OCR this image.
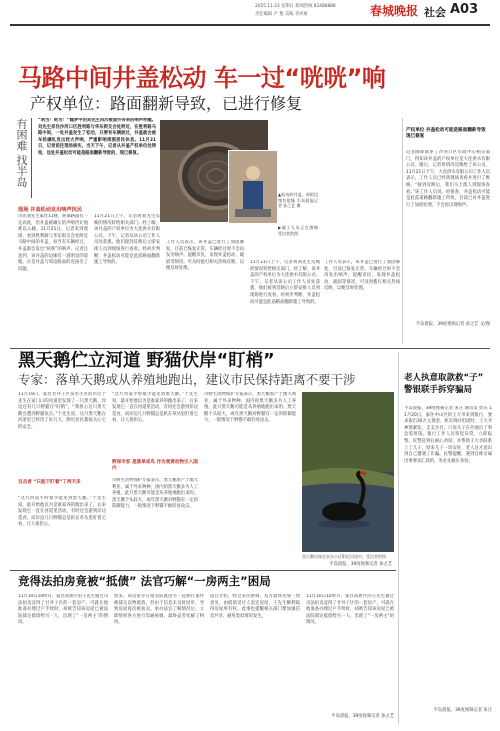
2025.11.23 星期日 新闻热线 82488888
责任编辑 卢 艳 美编 李凤寓	春城晚报 社会 A03
马路中间井盖松动 车一过“咣咣”响
产权单位：路面翻新导致，已进行修复
有困难 找半岛 “咣当！咣当！”睡梦中的刘先生再次被窗外传来的响声吵醒。刘先生家住沙河口区胜利路与华东街交会处附近，在胜利路马路中间，一处井盖发生了松动，只要有车辆驶过，井盖就会被车轮碾轧发出较大声响，严重影响周围居民休息。11月21日，记者前往现场核实，当天下午，记者从井盖产权单位处得知，这处井盖松动可能是路面翻新导致的，现已修复。
▲松动的井盖，周围边缘有裂缝 半岛晨报记者 孙之艺 摄
▶施工人员正在维修 受访者供图
现场 井盖松动发出响声扰民
市民刘先生家住11楼，距离路面有一定高度，但井盖被碾压的声响仍让他难以入睡。11月21日，记者来到现场，看到胜利路与华东街交会处附近马路中间的井盖，每当有车辆经过，井盖都会发出“咣咣”的响声。记者注意到，该井盖的边缘有一道明显的裂缝，应是井盖与周边路面的连接出了问题。
11月21日上午，记者将刘先生反映的情况转给相关部门。经了解，该井盖的产权单位为大连供水有限公司。下午，记者从该公司工作人员处获悉，他们接到反映后立即安排人员到现场进行查看。经初步判断，井盖松动可能是此前路面翻新施工导致的。
工作人员表示，该井盖已进行了加固修复，目前已恢复正常，车辆经过时不会再发出响声。提醒市民，发现井盖松动、破损等情况，可及时拨打相关热线反映，以便及时处理。
11月21日上午，记者将刘先生反映的情况转给相关部门。经了解，该井盖的产权单位为大连供水有限公司。下午，记者从该公司工作人员处获悉，他们接到反映后立即安排人员到现场进行查看。经初步判断，井盖松动可能是此前路面翻新施工导致的。
工作人员表示，该井盖已进行了加固修复，目前已恢复正常，车辆经过时不会再发出响声。提醒市民，发现井盖松动、破损等情况，可及时拨打相关热线反映，以便及时处理。
产权单位 井盖松动可能是路面翻新导致 现已修复
记者随即联系了沙河口区市政中心相关部门，得知该井盖的产权单位是大连供水有限公司。随后，记者将情况反映给了该公司。11月21日下午，大连供水有限公司工作人员表示，工作人员已经到现场查看并进行了维修。“接到反映后，我们马上派人到现场查看。”该工作人员说，经排查，井盖松动可能是此前道路翻新施工所致。目前已对井盖进行了加固处理，不会再出现响声。
半岛晨报、39度视频记者 孙之艺 文/图
黑天鹅伫立河道 野猫伏岸“盯梢”
专家：落单天鹅或从养殖地跑出，建议市民保持距离不要干涉
11月19日，家住甘井子区泉水小区的市民于先生在家门口的河道里发现了一只黑天鹅，岸边还有几只野猫在“盯梢”。“我担心这只黑天鹅会遭到野猫攻击。”于先生说，这只黑天鹅在河道里已经待了好几天，附近居民都很关心它的安全。
目击者 “只能干盯着”了两天多
“这片河道平时很少能见到黑天鹅。”于先生说，最开始他以为是谁家养的跑出来了，后来发现它一直在河道里活动，有时还会游到岸边觅食。而岸边几只野猫总是趴在草丛里盯着它看，让人很担心。
“这片河道平时很少能见到黑天鹅。”于先生说，最开始他以为是谁家养的跑出来了，后来发现它一直在河道里活动，有时还会游到岸边觅食。而岸边几只野猫总是趴在草丛里盯着它看，让人很担心。
野保专家 是落单成鸟 作为观赏动物引入国内
市野生动物保护专家表示，黑天鹅原产于澳大利亚，属于外来物种，国内的黑天鹅多为人工养殖，此只黑天鹅可能是从养殖地跑出来的。黑天鹅个头较大，成年黑天鹅对野猫有一定的防御能力，一般情况下野猫不敢轻易攻击。
市野生动物保护专家表示，黑天鹅原产于澳大利亚，属于外来物种，国内的黑天鹅多为人工养殖，此只黑天鹅可能是从养殖地跑出来的。黑天鹅个头较大，成年黑天鹅对野猫有一定的防御能力，一般情况下野猫不敢轻易攻击。
黑天鹅出现在泉水小区附近河道中，受访者供图
半岛晨报、39度视频记者 孙之艺
老人执意取款救“子” 警银联手拆穿骗局
半岛晨报、39度视频记者 朱庄 通讯员 彭庆 11月20日，家住中山区的王大爷来到银行，要求取出30万元现金，柜员询问用途时，王大爷神情紧张，支支吾吾，只说儿子在外地出了事急需用钱。银行工作人员察觉异常，立即报警。民警赶到后耐心劝说，并帮助王大爷联系上了儿子，原来儿子一切安好，老人这才意识到自己遭遇了诈骗。民警提醒，遇到自称亲属出事要求汇款的，务必先核实身份。
半岛晨报、39度视频记者 朱庄
竞得法拍房竟被“抵债” 法官巧解“一房两主”困局
11月10日10时许，家住高新区的王先生通过司法拍卖竞得了甘井子区的一套房产。可就在他准备办理过户手续时，却被告知该房屋已被法院裁定抵债给另一人，出现了“一房两主”的情况。
原来，该房屋早在拍卖前就因另一起执行案件被裁定以物抵债，但由于信息未及时同步，导致房屋再次被拍卖。承办法官了解情况后，立即组织各方进行沟通协调，最终妥善化解了纠纷。
法官介绍，经过多次协调，双方最终达成一致意见，由抵债受让人退还房屋，王先生顺利取得房屋所有权。此事也提醒相关部门要加强信息共享，避免类似情况发生。
11月10日10时许，家住高新区的王先生通过司法拍卖竞得了甘井子区的一套房产。可就在他准备办理过户手续时，却被告知该房屋已被法院裁定抵债给另一人，出现了“一房两主”的情况。
半岛晨报、39度视频记者 孙之艺
